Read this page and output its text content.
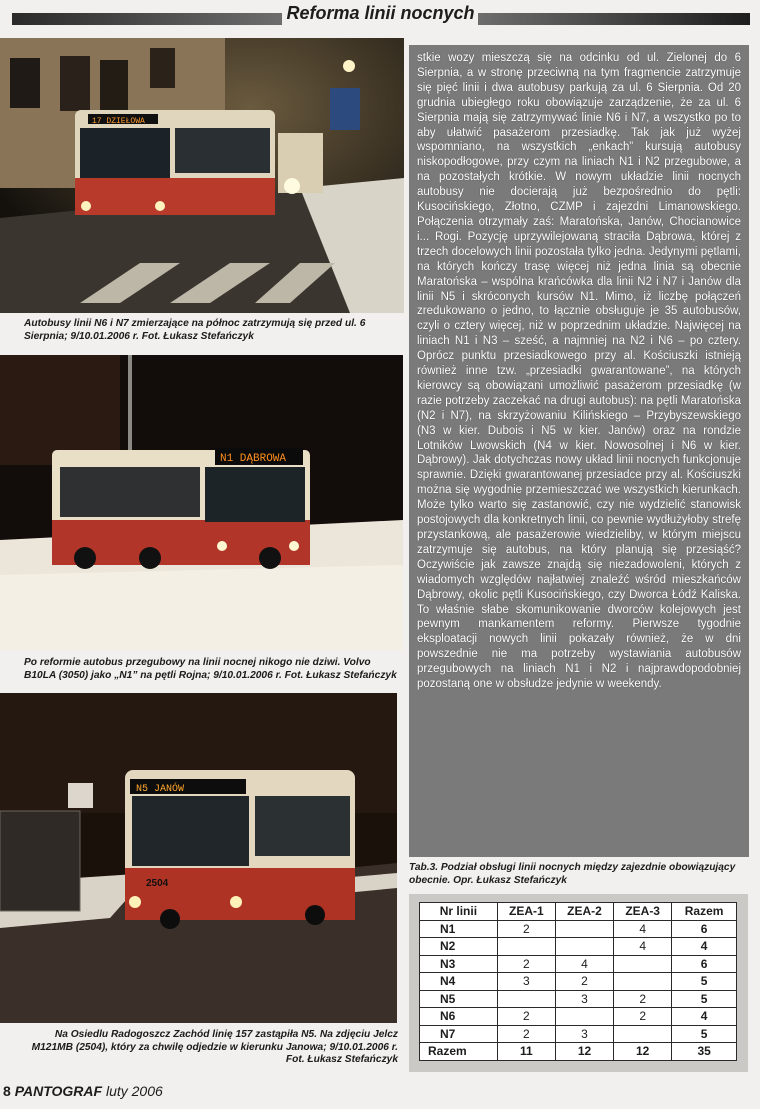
Reforma linii nocnych
17 DZIEŁOWA
Autobusy linii N6 i N7 zmierzające na północ zatrzymują się przed ul. 6 Sierpnia; 9/10.01.2006 r. Fot. Łukasz Stefańczyk
N1 DĄBROWA
Po reformie autobus przegubowy na linii nocnej nikogo nie dziwi. Volvo B10LA (3050) jako „N1” na pętli Rojna; 9/10.01.2006 r. Fot. Łukasz Stefańczyk
N5 JANÓW
2504
Na Osiedlu Radogoszcz Zachód linię 157 zastąpiła N5. Na zdjęciu Jelcz M121MB (2504), który za chwilę odjedzie w kierunku Janowa; 9/10.01.2006 r. Fot. Łukasz Stefańczyk

stkie wozy mieszczą się na odcinku od ul. Zielonej do 6 Sierpnia, a w stronę przeciwną na tym fragmencie zatrzymuje się pięć linii i dwa autobusy parkują za ul. 6 Sierpnia. Od 20 grudnia ubiegłego roku obowiązuje zarządzenie, że za ul. 6 Sierpnia mają się zatrzymywać linie N6 i N7, a wszystko po to aby ułatwić pasażerom przesiadkę. Tak jak już wyżej wspomniano, na wszystkich „enkach” kursują autobusy niskopodłogowe, przy czym na liniach N1 i N2 przegubowe, a na pozostałych krótkie. W nowym układzie linii nocnych autobusy nie docierają już bezpośrednio do pętli: Kusocińskiego, Złotno, CZMP i zajezdni Limanowskiego. Połączenia otrzymały zaś: Maratońska, Janów, Chocianowice i... Rogi. Pozycję uprzywilejowaną straciła Dąbrowa, której z trzech docelowych linii pozostała tylko jedna. Jedynymi pętlami, na których kończy trasę więcej niż jedna linia są obecnie Maratońska – wspólna krańcówka dla linii N2 i N7 i Janów dla linii N5 i skróconych kursów N1. Mimo, iż liczbę połączeń zredukowano o jedno, to łącznie obsługuje je 35 autobusów, czyli o cztery więcej, niż w poprzednim układzie. Najwięcej na liniach N1 i N3 – sześć, a najmniej na N2 i N6 – po cztery. Oprócz punktu przesiadkowego przy al. Kościuszki istnieją również inne tzw. „przesiadki gwarantowane”, na których kierowcy są obowiązani umożliwić pasażerom przesiadkę (w razie potrzeby zaczekać na drugi autobus): na pętli Maratońska (N2 i N7), na skrzyżowaniu Kilińskiego – Przybyszewskiego (N3 w kier. Dubois i N5 w kier. Janów) oraz na rondzie Lotników Lwowskich (N4 w kier. Nowosolnej i N6 w kier. Dąbrowy). Jak dotychczas nowy układ linii nocnych funkcjonuje sprawnie. Dzięki gwarantowanej przesiadce przy al. Kościuszki można się wygodnie przemieszczać we wszystkich kierunkach. Może tylko warto się zastanowić, czy nie wydzielić stanowisk postojowych dla konkretnych linii, co pewnie wydłużyłoby strefę przystankową, ale pasażerowie wiedzieliby, w którym miejscu zatrzymuje się autobus, na który planują się przesiąść? Oczywiście jak zawsze znajdą się niezadowoleni, których z wiadomych względów najłatwiej znaleźć wśród mieszkańców Dąbrowy, okolic pętli Kusocińskiego, czy Dworca Łódź Kaliska. To właśnie słabe skomunikowanie dworców kolejowych jest pewnym mankamentem reformy. Pierwsze tygodnie eksploatacji nowych linii pokazały również, że w dni powszednie nie ma potrzeby wystawiania autobusów przegubowych na liniach N1 i N2 i najprawdopodobniej pozostaną one w obsłudze jedynie w weekendy.

Tab.3. Podział obsługi linii nocnych między zajezdnie obowiązujący obecnie. Opr. Łukasz Stefańczyk
Nr linii	ZEA-1	ZEA-2	ZEA-3	Razem
N1	2		4	6
N2			4	4
N3	2	4		6
N4	3	2		5
N5		3	2	5
N6	2		2	4
N7	2	3		5
Razem	11	12	12	35
8 PANTOGRAF luty 2006
